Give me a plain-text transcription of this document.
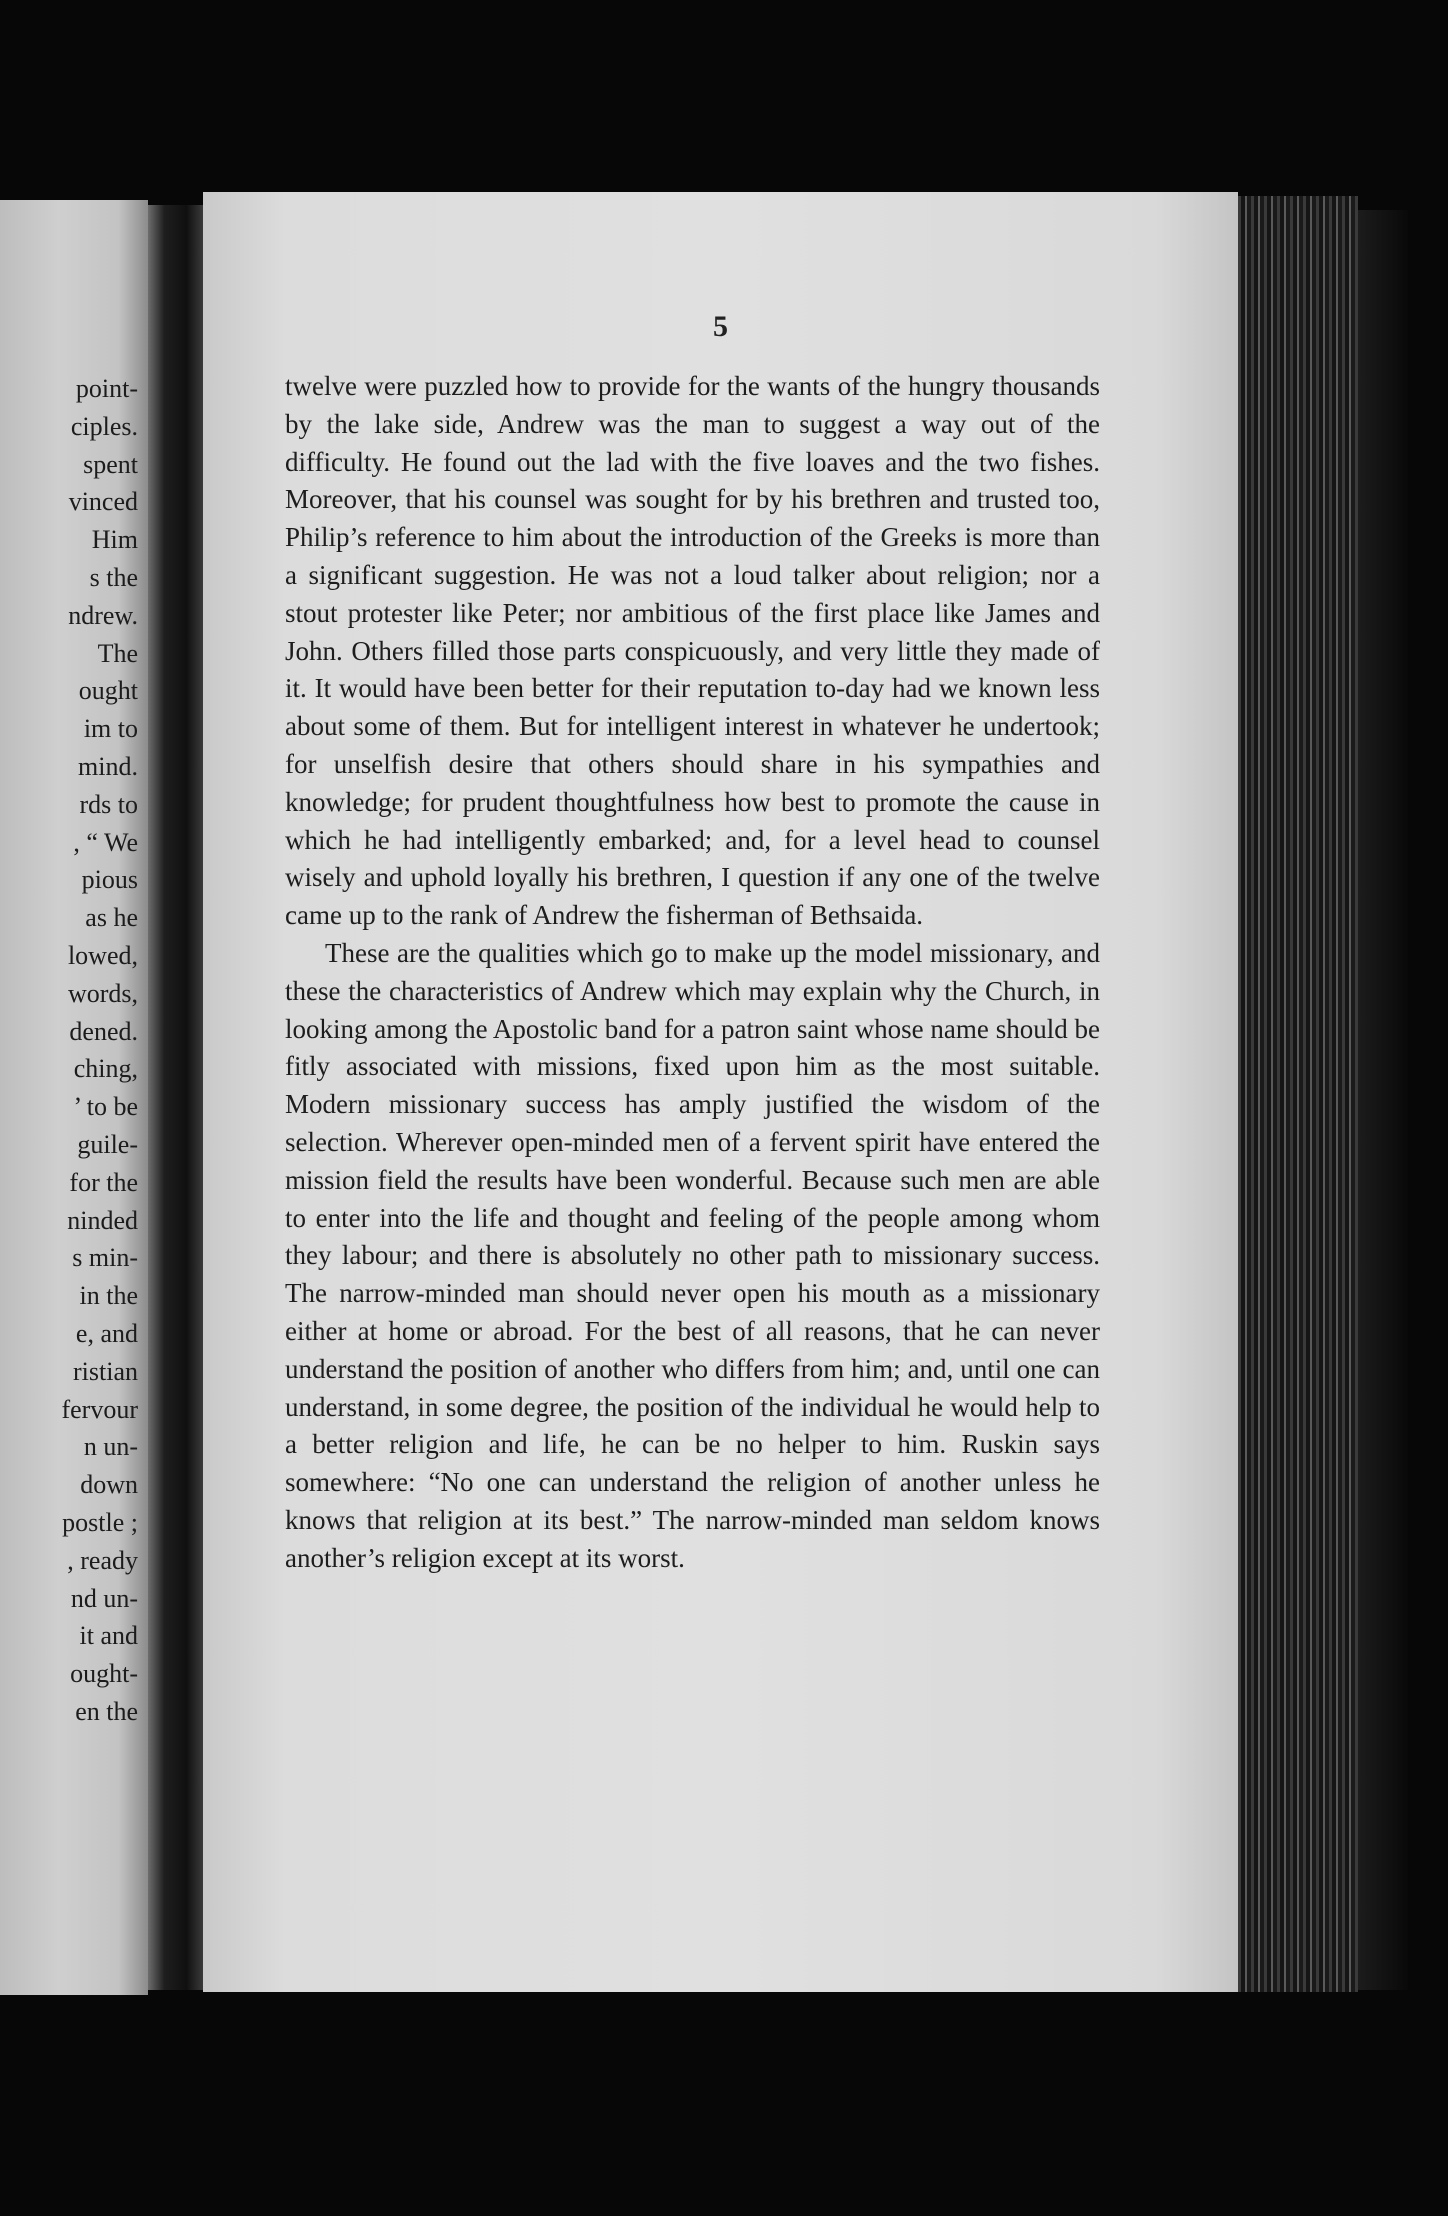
point-
ciples.
spent
vinced
Him
s the
ndrew.
The
ought
im to
mind.
rds to
, “ We
pious
as he
lowed,
words,
dened.
ching,
’ to be
guile-
for the
ninded
s min-
in the
e, and
ristian
fervour
n un-
down
postle ;
, ready
nd un-
it and
ought-
en the
5

twelve were puzzled how to provide for the wants of the hungry thousands by the lake side, Andrew was the man to suggest a way out of the difficulty. He found out the lad with the five loaves and the two fishes. Moreover, that his counsel was sought for by his brethren and trusted too, Philip’s reference to him about the introduction of the Greeks is more than a significant suggestion. He was not a loud talker about religion; nor a stout protester like Peter; nor ambitious of the first place like James and John. Others filled those parts conspicuously, and very little they made of it. It would have been better for their reputation to-day had we known less about some of them. But for intelligent interest in whatever he undertook; for unselfish desire that others should share in his sympathies and knowledge; for prudent thoughtfulness how best to promote the cause in which he had intelligently embarked; and, for a level head to counsel wisely and uphold loyally his brethren, I question if any one of the twelve came up to the rank of Andrew the fisherman of Bethsaida.

These are the qualities which go to make up the model missionary, and these the characteristics of Andrew which may explain why the Church, in looking among the Apostolic band for a patron saint whose name should be fitly associated with missions, fixed upon him as the most suitable. Modern missionary success has amply justified the wisdom of the selection. Wherever open-minded men of a fervent spirit have entered the mission field the results have been wonderful. Because such men are able to enter into the life and thought and feeling of the people among whom they labour; and there is absolutely no other path to missionary success. The narrow-minded man should never open his mouth as a missionary either at home or abroad. For the best of all reasons, that he can never understand the position of another who differs from him; and, until one can understand, in some degree, the position of the individual he would help to a better religion and life, he can be no helper to him. Ruskin says somewhere: “No one can understand the religion of another unless he knows that religion at its best.” The narrow-minded man seldom knows another’s religion except at its worst.
